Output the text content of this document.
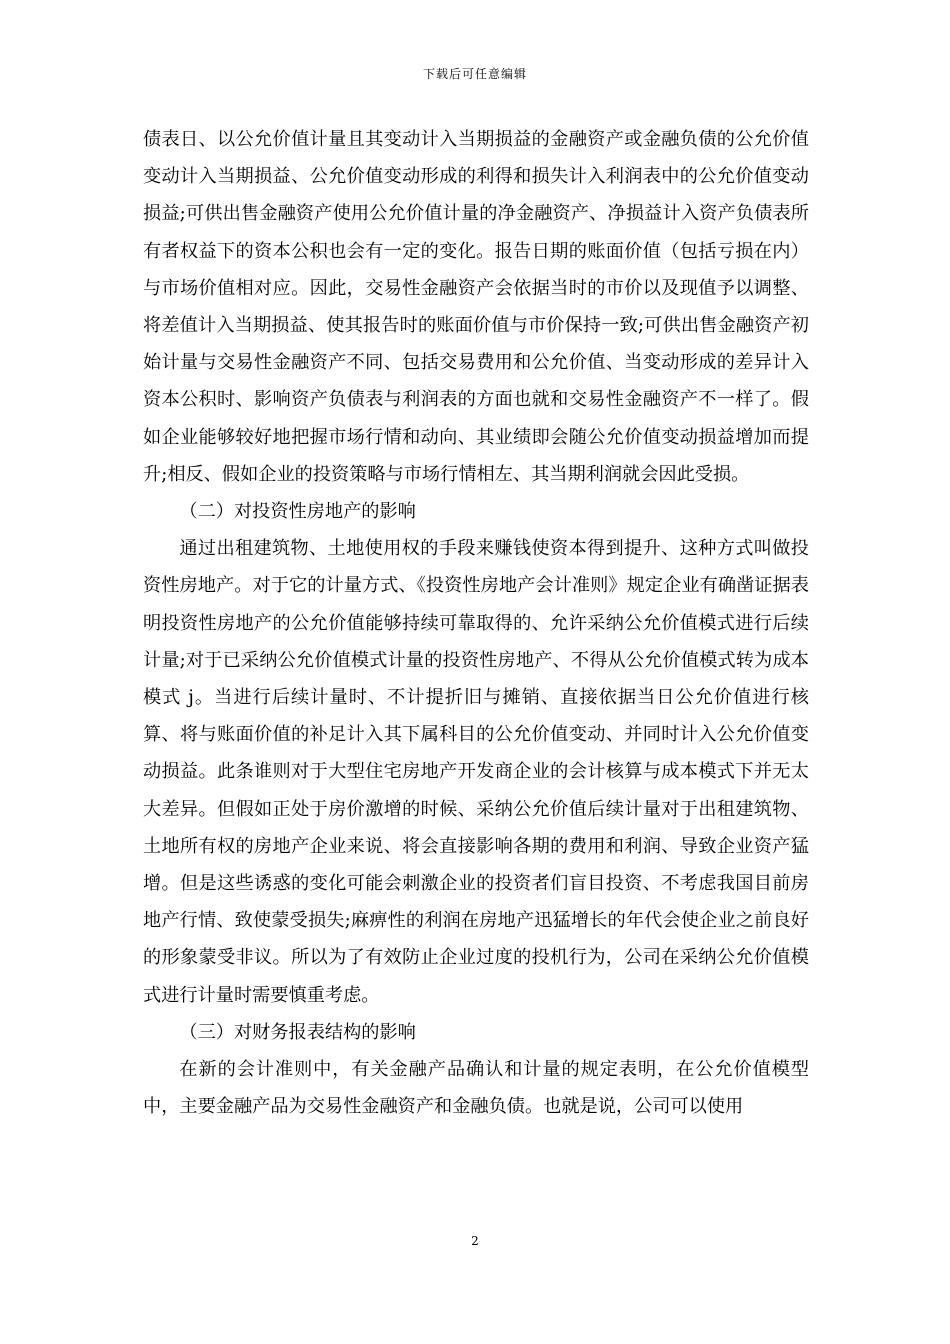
下载后可任意编辑

债表日、以公允价值计量且其变动计入当期损益的金融资产或金融负债的公允价值变动计入当期损益、公允价值变动形成的利得和损失计入利润表中的公允价值变动损益;可供出售金融资产使用公允价值计量的净金融资产、净损益计入资产负债表所有者权益下的资本公积也会有一定的变化。报告日期的账面价值（包括亏损在内）与市场价值相对应。因此，交易性金融资产会依据当时的市价以及现值予以调整、将差值计入当期损益、使其报告时的账面价值与市价保持一致;可供出售金融资产初始计量与交易性金融资产不同、包括交易费用和公允价值、当变动形成的差异计入资本公积时、影响资产负债表与利润表的方面也就和交易性金融资产不一样了。假如企业能够较好地把握市场行情和动向、其业绩即会随公允价值变动损益增加而提升;相反、假如企业的投资策略与市场行情相左、其当期利润就会因此受损。

（二）对投资性房地产的影响

通过出租建筑物、土地使用权的手段来赚钱使资本得到提升、这种方式叫做投资性房地产。对于它的计量方式、《投资性房地产会计准则》规定企业有确凿证据表明投资性房地产的公允价值能够持续可靠取得的、允许采纳公允价值模式进行后续计量;对于已采纳公允价值模式计量的投资性房地产、不得从公允价值模式转为成本模式 j。当进行后续计量时、不计提折旧与摊销、直接依据当日公允价值进行核算、将与账面价值的补足计入其下属科目的公允价值变动、并同时计入公允价值变动损益。此条谁则对于大型住宅房地产开发商企业的会计核算与成本模式下并无太大差异。但假如正处于房价激增的时候、采纳公允价值后续计量对于出租建筑物、土地所有权的房地产企业来说、将会直接影响各期的费用和利润、导致企业资产猛增。但是这些诱惑的变化可能会刺激企业的投资者们盲目投资、不考虑我国目前房地产行情、致使蒙受损失;麻痹性的利润在房地产迅猛增长的年代会使企业之前良好的形象蒙受非议。所以为了有效防止企业过度的投机行为，公司在采纳公允价值模式进行计量时需要慎重考虑。

（三）对财务报表结构的影响

在新的会计准则中，有关金融产品确认和计量的规定表明，在公允价值模型中，主要金融产品为交易性金融资产和金融负债。也就是说，公司可以使用

2
